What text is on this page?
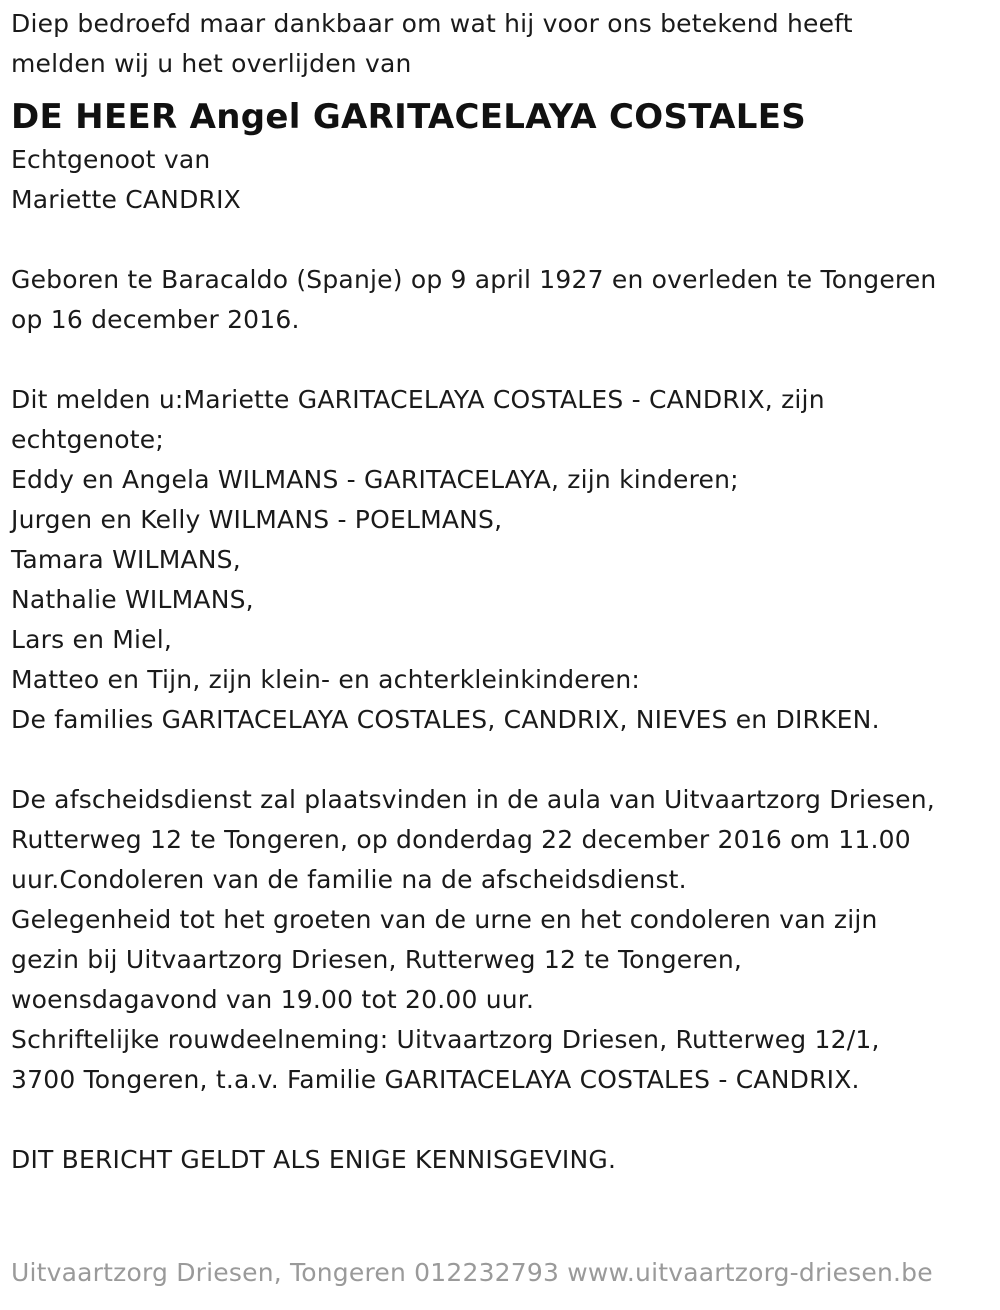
Diep bedroefd maar dankbaar om wat hij voor ons betekend heeft
melden wij u het overlijden van
DE HEER Angel GARITACELAYA COSTALES
Echtgenoot van
Mariette CANDRIX
Geboren te Baracaldo (Spanje) op 9 april 1927 en overleden te Tongeren
op 16 december 2016.
Dit melden u:Mariette GARITACELAYA COSTALES - CANDRIX, zijn
echtgenote;
Eddy en Angela WILMANS - GARITACELAYA, zijn kinderen;
Jurgen en Kelly WILMANS - POELMANS,
Tamara WILMANS,
Nathalie WILMANS,
Lars en Miel,
Matteo en Tijn, zijn klein- en achterkleinkinderen:
De families GARITACELAYA COSTALES, CANDRIX, NIEVES en DIRKEN.
De afscheidsdienst zal plaatsvinden in de aula van Uitvaartzorg Driesen,
Rutterweg 12 te Tongeren, op donderdag 22 december 2016 om 11.00
uur.Condoleren van de familie na de afscheidsdienst.
Gelegenheid tot het groeten van de urne en het condoleren van zijn
gezin bij Uitvaartzorg Driesen, Rutterweg 12 te Tongeren,
woensdagavond van 19.00 tot 20.00 uur.
Schriftelijke rouwdeelneming: Uitvaartzorg Driesen, Rutterweg 12/1,
3700 Tongeren, t.a.v. Familie GARITACELAYA COSTALES - CANDRIX.
DIT BERICHT GELDT ALS ENIGE KENNISGEVING.
Uitvaartzorg Driesen, Tongeren 012232793 www.uitvaartzorg-driesen.be
